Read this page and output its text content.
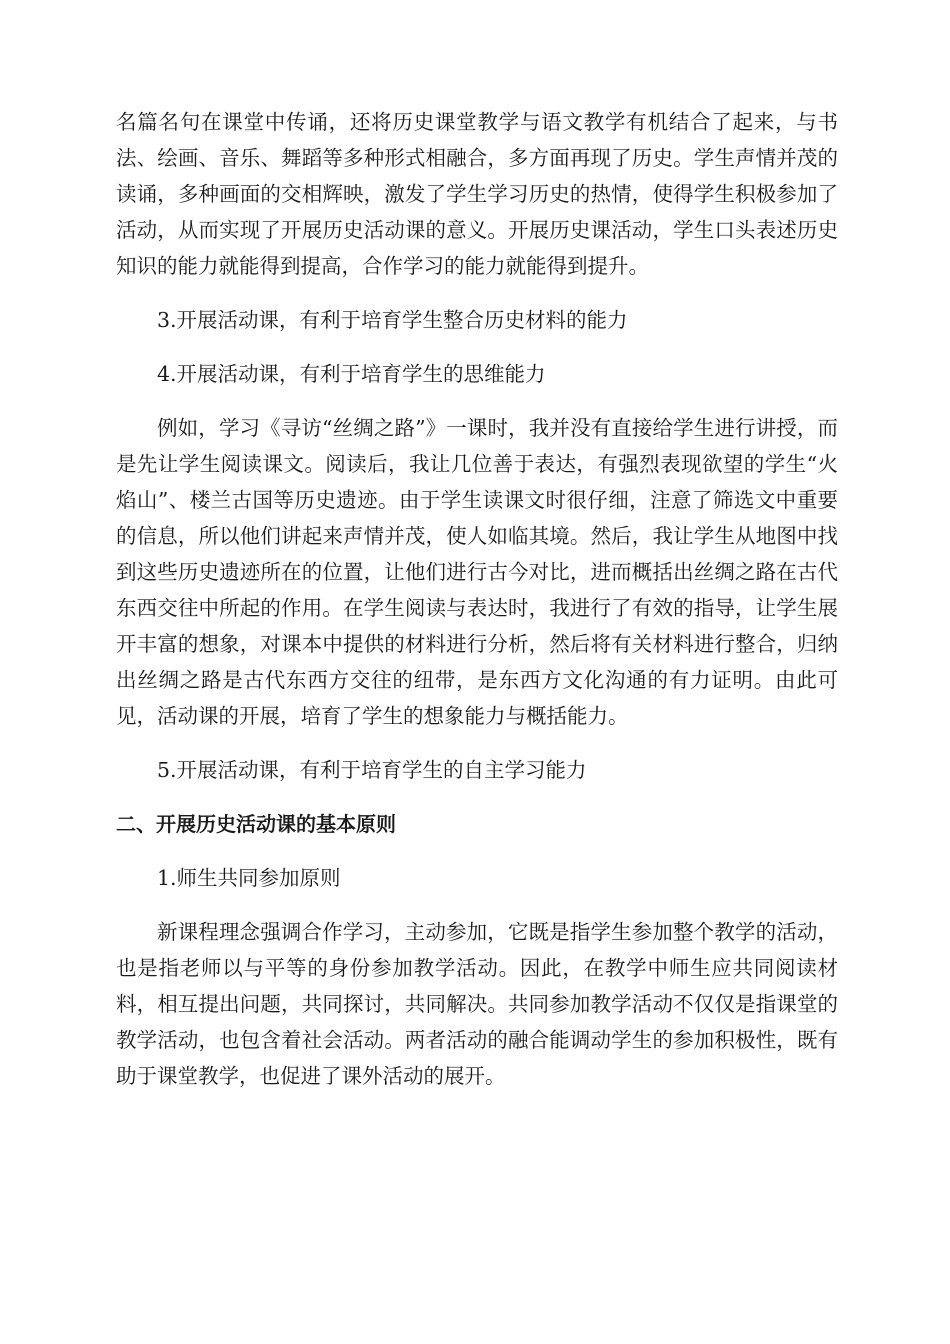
名篇名句在课堂中传诵，还将历史课堂教学与语文教学有机结合了起来，与书法、绘画、音乐、舞蹈等多种形式相融合，多方面再现了历史。学生声情并茂的读诵，多种画面的交相辉映，激发了学生学习历史的热情，使得学生积极参加了活动，从而实现了开展历史活动课的意义。开展历史课活动，学生口头表述历史知识的能力就能得到提高，合作学习的能力就能得到提升。

3.开展活动课，有利于培育学生整合历史材料的能力

4.开展活动课，有利于培育学生的思维能力

例如，学习《寻访“丝绸之路”》一课时，我并没有直接给学生进行讲授，而是先让学生阅读课文。阅读后，我让几位善于表达，有强烈表现欲望的学生“火焰山”、楼兰古国等历史遗迹。由于学生读课文时很仔细，注意了筛选文中重要的信息，所以他们讲起来声情并茂，使人如临其境。然后，我让学生从地图中找到这些历史遗迹所在的位置，让他们进行古今对比，进而概括出丝绸之路在古代东西交往中所起的作用。在学生阅读与表达时，我进行了有效的指导，让学生展开丰富的想象，对课本中提供的材料进行分析，然后将有关材料进行整合，归纳出丝绸之路是古代东西方交往的纽带，是东西方文化沟通的有力证明。由此可见，活动课的开展，培育了学生的想象能力与概括能力。

5.开展活动课，有利于培育学生的自主学习能力

二、开展历史活动课的基本原则

1.师生共同参加原则

新课程理念强调合作学习，主动参加，它既是指学生参加整个教学的活动，也是指老师以与平等的身份参加教学活动。因此，在教学中师生应共同阅读材料，相互提出问题，共同探讨，共同解决。共同参加教学活动不仅仅是指课堂的教学活动，也包含着社会活动。两者活动的融合能调动学生的参加积极性，既有助于课堂教学，也促进了课外活动的展开。
